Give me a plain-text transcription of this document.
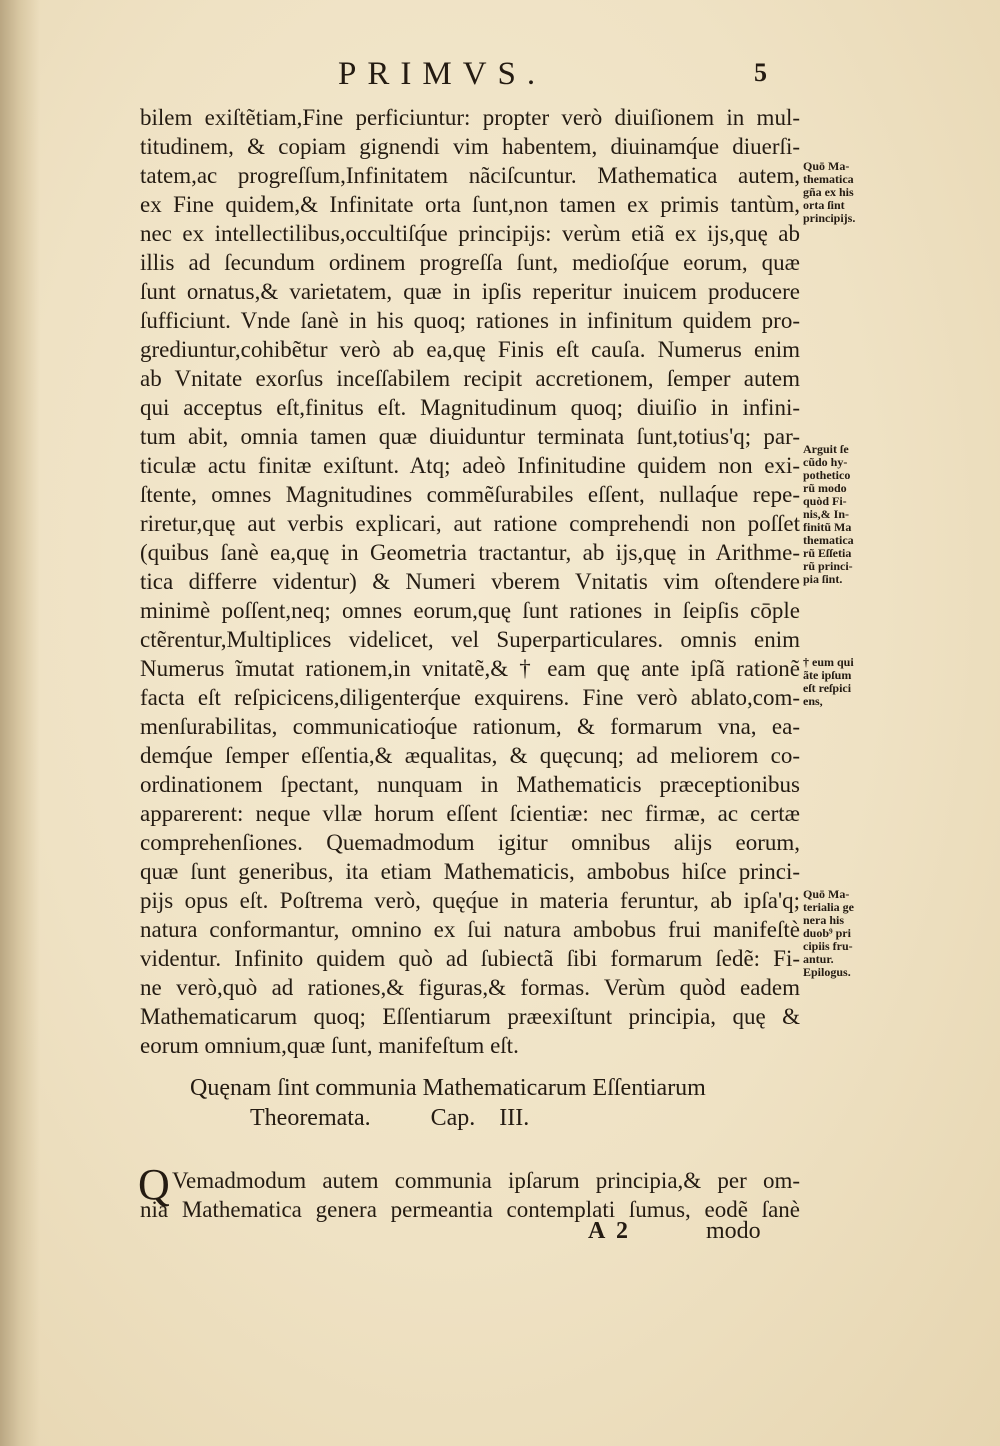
PRIMVS.	5
bilem exiſtẽtiam,Fine perficiuntur: propter verò diuiſionem in mul-
titudinem, & copiam gignendi vim habentem, diuinamq́ue diuerſi-
tatem,ac progreſſum,Infinitatem nãciſcuntur. Mathematica autem,
ex Fine quidem,& Infinitate orta ſunt,non tamen ex primis tantùm,
nec ex intellectilibus,occultiſq́ue principijs: verùm etiã ex ijs,quę ab
illis ad ſecundum ordinem progreſſa ſunt, medioſq́ue eorum, quæ
ſunt ornatus,& varietatem, quæ in ipſis reperitur inuicem producere
ſufficiunt. Vnde ſanè in his quoq; rationes in infinitum quidem pro-
grediuntur,cohibẽtur verò ab ea,quę Finis eſt cauſa. Numerus enim
ab Vnitate exorſus inceſſabilem recipit accretionem, ſemper autem
qui acceptus eſt,finitus eſt. Magnitudinum quoq; diuiſio in infini-
tum abit, omnia tamen quæ diuiduntur terminata ſunt,totius'q; par-
ticulæ actu finitæ exiſtunt. Atq; adeò Infinitudine quidem non exi-
ſtente, omnes Magnitudines commẽſurabiles eſſent, nullaq́ue repe-
riretur,quę aut verbis explicari, aut ratione comprehendi non poſſet
(quibus ſanè ea,quę in Geometria tractantur, ab ijs,quę in Arithme-
tica differre videntur) & Numeri vberem Vnitatis vim oſtendere
minimè poſſent,neq; omnes eorum,quę ſunt rationes in ſeipſis cōple
ctẽrentur,Multiplices videlicet, vel Superparticulares. omnis enim
Numerus ĩmutat rationem,in vnitatẽ,& † eam quę ante ipſã rationẽ
facta eſt reſpicicens,diligenterq́ue exquirens. Fine verò ablato,com-
menſurabilitas, communicatioq́ue rationum, & formarum vna, ea-
demq́ue ſemper eſſentia,& æqualitas, & quęcunq; ad meliorem co-
ordinationem ſpectant, nunquam in Mathematicis præceptionibus
apparerent: neque vllæ horum eſſent ſcientiæ: nec firmæ, ac certæ
comprehenſiones. Quemadmodum igitur omnibus alijs eorum,
quæ ſunt generibus, ita etiam Mathematicis, ambobus hiſce princi-
pijs opus eſt. Poſtrema verò, quęq́ue in materia feruntur, ab ipſa'q;
natura conformantur, omnino ex ſui natura ambobus frui manifeſtè
videntur. Infinito quidem quò ad ſubiectã ſibi formarum ſedẽ: Fi-
ne verò,quò ad rationes,& figuras,& formas. Verùm quòd eadem
Mathematicarum quoq; Eſſentiarum præexiſtunt principia, quę &
eorum omnium,quæ ſunt, manifeſtum eſt.
Quō Ma-
thematica
gña ex his
orta ſint
principijs.
Arguit ſe
cũdo hy-
pothetico
rũ modo
quòd Fi-
nis,& In-
finitũ Ma
thematica
rũ Eſſetia
rũ princi-
pia ſint.
† eum qui
ãte ipſum
eſt reſpici
ens,
Quō Ma-
terialia ge
nera his
duob⁹ pri
cipiis fru-
antur.
Epilogus.
Quęnam ſint communia Mathematicarum Eſſentiarum
Theoremata.          Cap.    III.
Q Vemadmodum autem communia ipſarum principia,& per om-
nia Mathematica genera permeantia contemplati ſumus, eodẽ ſanè
A  2	modo
